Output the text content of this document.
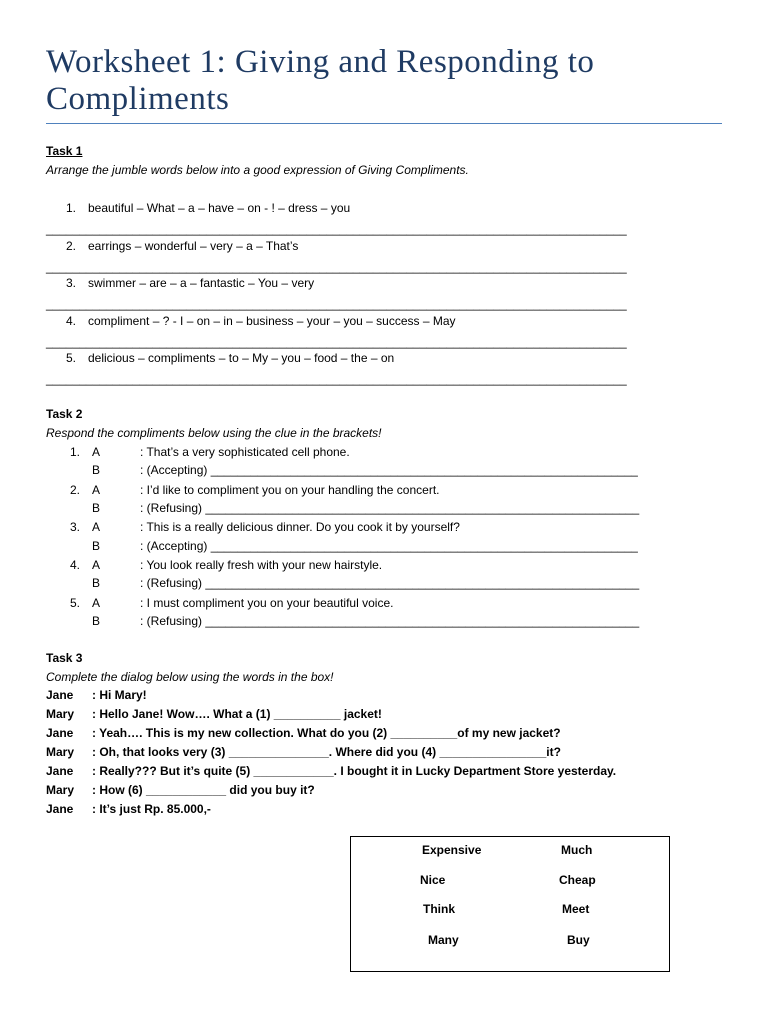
Worksheet 1: Giving and Responding to Compliments
Task 1
Arrange the jumble words below into a good expression of Giving Compliments.
1. beautiful – What – a – have – on - ! – dress – you
_______________________________________________________________________________________
2. earrings – wonderful – very – a – That’s
_______________________________________________________________________________________
3. swimmer – are – a – fantastic – You – very
_______________________________________________________________________________________
4. compliment – ? - I – on – in – business – your – you – success – May
_______________________________________________________________________________________
5. delicious – compliments – to – My – you – food – the – on
_______________________________________________________________________________________
Task 2
Respond the compliments below using the clue in the brackets!
1. A	: That’s a very sophisticated cell phone.
B	: (Accepting) ________________________________________________________________
2. A	: I’d like to compliment you on your handling the concert.
B	: (Refusing) _________________________________________________________________
3. A	: This is a really delicious dinner. Do you cook it by yourself?
B	: (Accepting) ________________________________________________________________
4. A	: You look really fresh with your new hairstyle.
B	: (Refusing) _________________________________________________________________
5. A	: I must compliment you on your beautiful voice.
B	: (Refusing) _________________________________________________________________
Task 3
Complete the dialog below using the words in the box!
Jane : Hi Mary!
Mary : Hello Jane! Wow…. What a (1) __________ jacket!
Jane : Yeah…. This is my new collection. What do you (2) __________of my new jacket?
Mary : Oh, that looks very (3) _______________. Where did you (4) ________________it?
Jane : Really??? But it’s quite (5) ____________. I bought it in Lucky Department Store yesterday.
Mary : How (6) ____________ did you buy it?
Jane : It’s just Rp. 85.000,-
Expensive	Much
Nice	Cheap
Think	Meet
Many	Buy
